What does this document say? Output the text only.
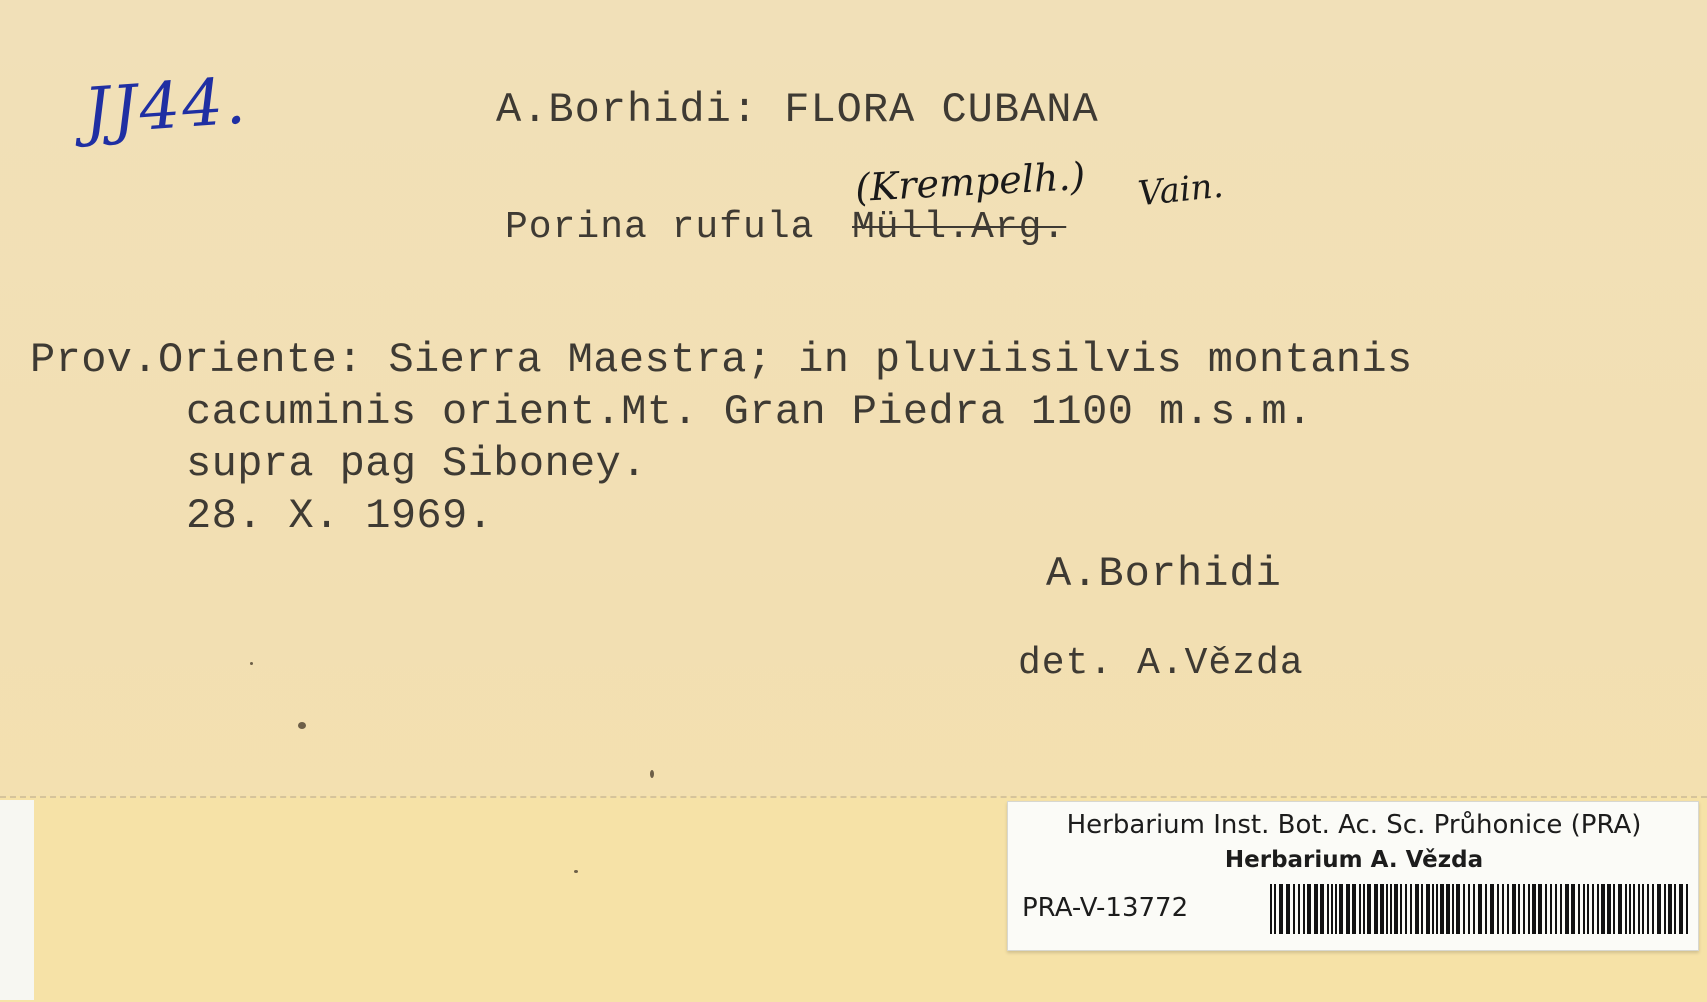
JJ44.	A.Borhidi: FLORA CUBANA
Porina rufula Müll.Arg.
(Krempelh.) Vain.
Prov.Oriente: Sierra Maestra; in pluviisilvis montanis
cacuminis orient.Mt. Gran Piedra 1100 m.s.m.
supra pag Siboney.
28. X. 1969.
A.Borhidi
det. A.Vězda
Herbarium Inst. Bot. Ac. Sc. Průhonice (PRA)
Herbarium A. Vězda
PRA-V-13772
